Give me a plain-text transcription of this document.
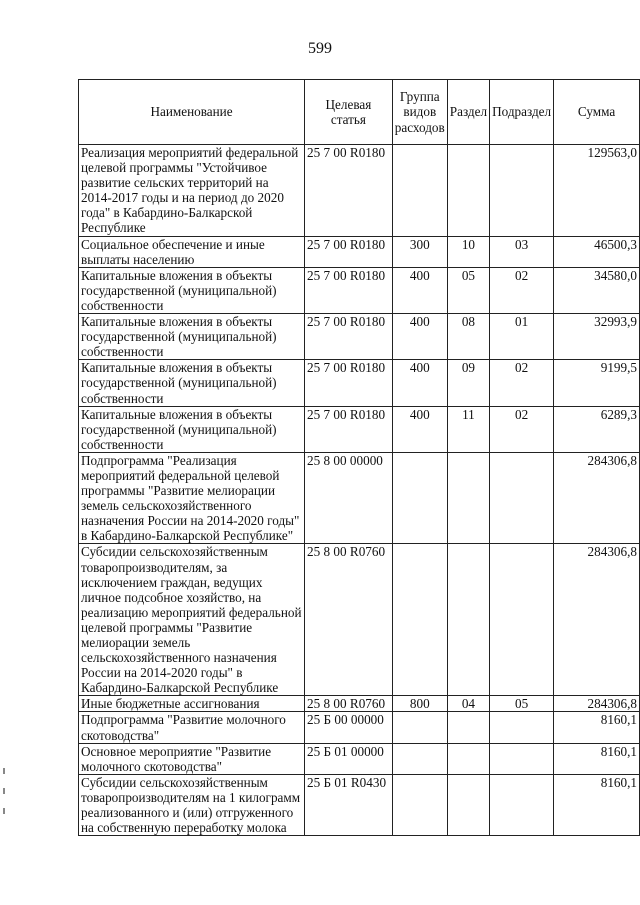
599
Наименование	Целевая статья	Группа видов расходов	Раздел	Подраздел	Сумма
Реализация мероприятий федеральной целевой программы "Устойчивое развитие сельских территорий на 2014-2017 годы и на период до 2020 года" в Кабардино-Балкарской Республике	25 7 00 R0180				129563,0
Социальное обеспечение и иные выплаты населению	25 7 00 R0180	300	10	03	46500,3
Капитальные вложения в объекты государственной (муниципальной) собственности	25 7 00 R0180	400	05	02	34580,0
Капитальные вложения в объекты государственной (муниципальной) собственности	25 7 00 R0180	400	08	01	32993,9
Капитальные вложения в объекты государственной (муниципальной) собственности	25 7 00 R0180	400	09	02	9199,5
Капитальные вложения в объекты государственной (муниципальной) собственности	25 7 00 R0180	400	11	02	6289,3
Подпрограмма "Реализация мероприятий федеральной целевой программы "Развитие мелиорации земель сельскохозяйственного назначения России на 2014-2020 годы" в Кабардино-Балкарской Республике"	25 8 00 00000				284306,8
Субсидии сельскохозяйственным товаропроизводителям, за исключением граждан, ведущих личное подсобное хозяйство, на реализацию мероприятий федеральной целевой программы "Развитие мелиорации земель сельскохозяйственного назначения России на 2014-2020 годы" в Кабардино-Балкарской Республике	25 8 00 R0760				284306,8
Иные бюджетные ассигнования	25 8 00 R0760	800	04	05	284306,8
Подпрограмма "Развитие молочного скотоводства"	25 Б 00 00000				8160,1
Основное мероприятие "Развитие молочного скотоводства"	25 Б 01 00000				8160,1
Субсидии сельскохозяйственным товаропроизводителям на 1 килограмм реализованного и (или) отгруженного на собственную переработку молока	25 Б 01 R0430				8160,1
